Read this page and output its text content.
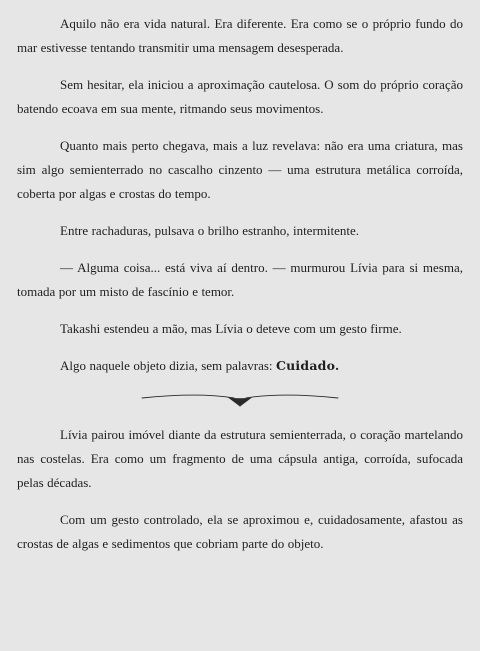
Aquilo não era vida natural. Era diferente. Era como se o próprio fundo do mar estivesse tentando transmitir uma mensagem desesperada.

Sem hesitar, ela iniciou a aproximação cautelosa. O som do próprio coração batendo ecoava em sua mente, ritmando seus movimentos.

Quanto mais perto chegava, mais a luz revelava: não era uma criatura, mas sim algo semienterrado no cascalho cinzento — uma estrutura metálica corroída, coberta por algas e crostas do tempo.

Entre rachaduras, pulsava o brilho estranho, intermitente.

— Alguma coisa... está viva aí dentro. — murmurou Lívia para si mesma, tomada por um misto de fascínio e temor.

Takashi estendeu a mão, mas Lívia o deteve com um gesto firme.

Algo naquele objeto dizia, sem palavras: Cuidado.

Lívia pairou imóvel diante da estrutura semienterrada, o coração martelando nas costelas. Era como um fragmento de uma cápsula antiga, corroída, sufocada pelas décadas.

Com um gesto controlado, ela se aproximou e, cuidadosamente, afastou as crostas de algas e sedimentos que cobriam parte do objeto.
